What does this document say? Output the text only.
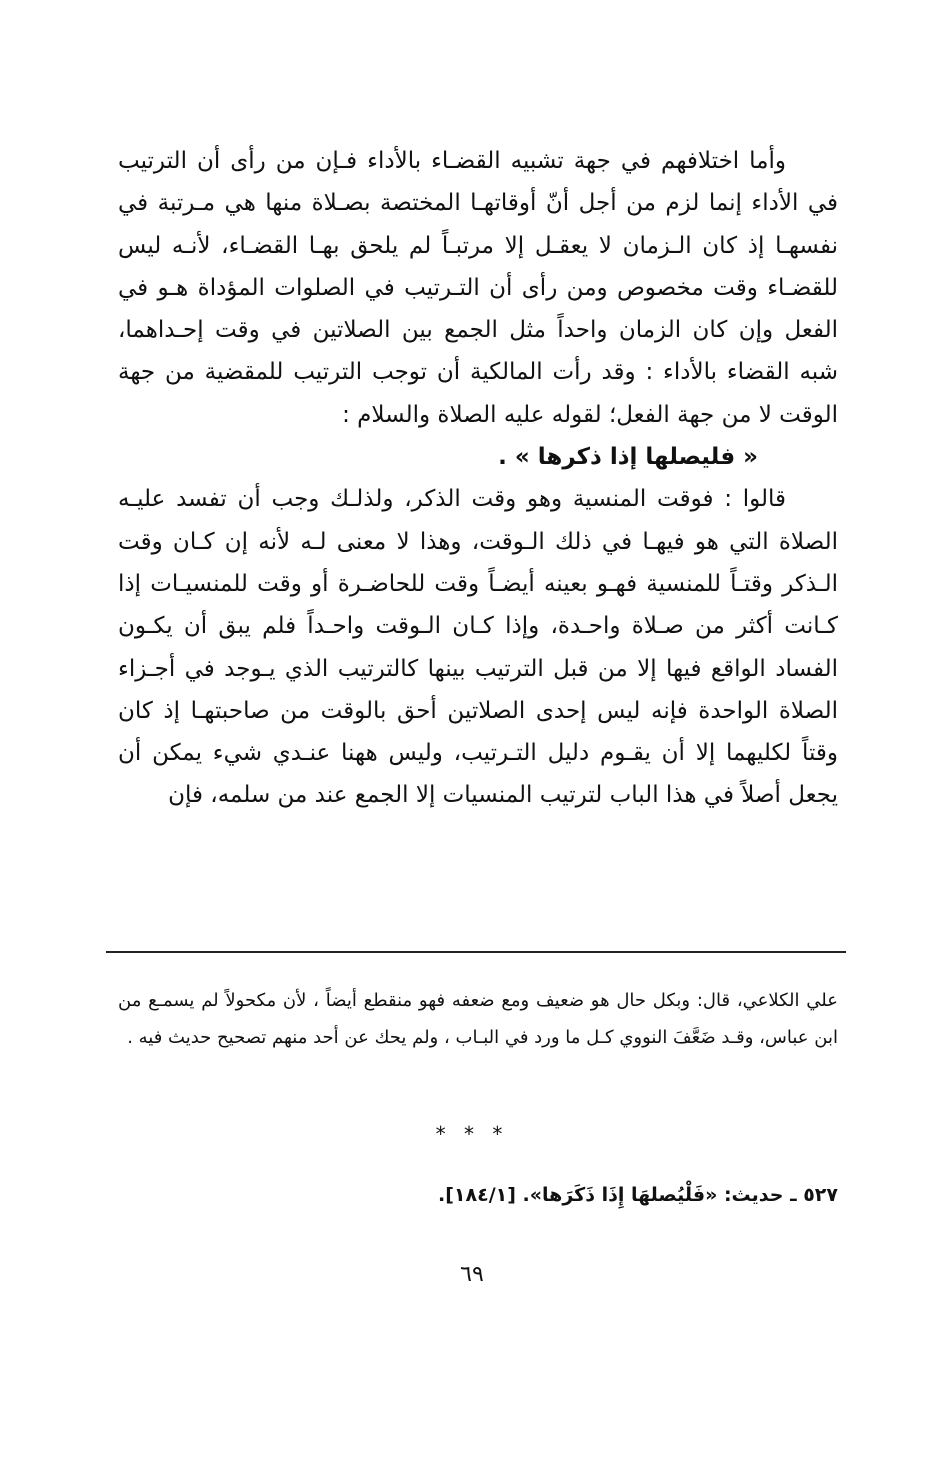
وأما اختلافهم في جهة تشبيه القضـاء بالأداء فـإن من رأى أن الترتيب في الأداء إنما لزم من أجل أنّ أوقاتهـا المختصة بصـلاة منها هي مـرتبة في نفسهـا إذ كان الـزمان لا يعقـل إلا مرتبـاً لم يلحق بهـا القضـاء، لأنـه ليس للقضـاء وقت مخصوص ومن رأى أن التـرتيب في الصلوات المؤداة هـو في الفعل وإن كان الزمان واحداً مثل الجمع بين الصلاتين في وقت إحـداهما، شبه القضاء بالأداء : وقد رأت المالكية أن توجب الترتيب للمقضية من جهة الوقت لا من جهة الفعل؛ لقوله عليه الصلاة والسلام :

« فليصلها إذا ذكرها » .

قالوا : فوقت المنسية وهو وقت الذكر، ولذلـك وجب أن تفسد عليـه الصلاة التي هو فيهـا في ذلك الـوقت، وهذا لا معنى لـه لأنه إن كـان وقت الـذكر وقتـاً للمنسية فهـو بعينه أيضـاً وقت للحاضـرة أو وقت للمنسيـات إذا كـانت أكثر من صـلاة واحـدة، وإذا كـان الـوقت واحـداً فلم يبق أن يكـون الفساد الواقع فيها إلا من قبل الترتيب بينها كالترتيب الذي يـوجد في أجـزاء الصلاة الواحدة فإنه ليس إحدى الصلاتين أحق بالوقت من صاحبتهـا إذ كان وقتاً لكليهما إلا أن يقـوم دليل التـرتيب، وليس ههنا عنـدي شيء يمكن أن يجعل أصلاً في هذا الباب لترتيب المنسيات إلا الجمع عند من سلمه، فإن

علي الكلاعي، قال: وبكل حال هو ضعيف ومع ضعفه فهو منقطع أيضاً ، لأن مكحولاً لم يسمـع من ابن عباس، وقـد ضَعَّفَ النووي كـل ما ورد في البـاب ، ولم يحك عن أحد منهم تصحيح حديث فيه .

* * *
٥٢٧ ـ حديث: «فَلْيُصلهَا إِذَا ذَكَرَها». [١٨٤/١].
٦٩
